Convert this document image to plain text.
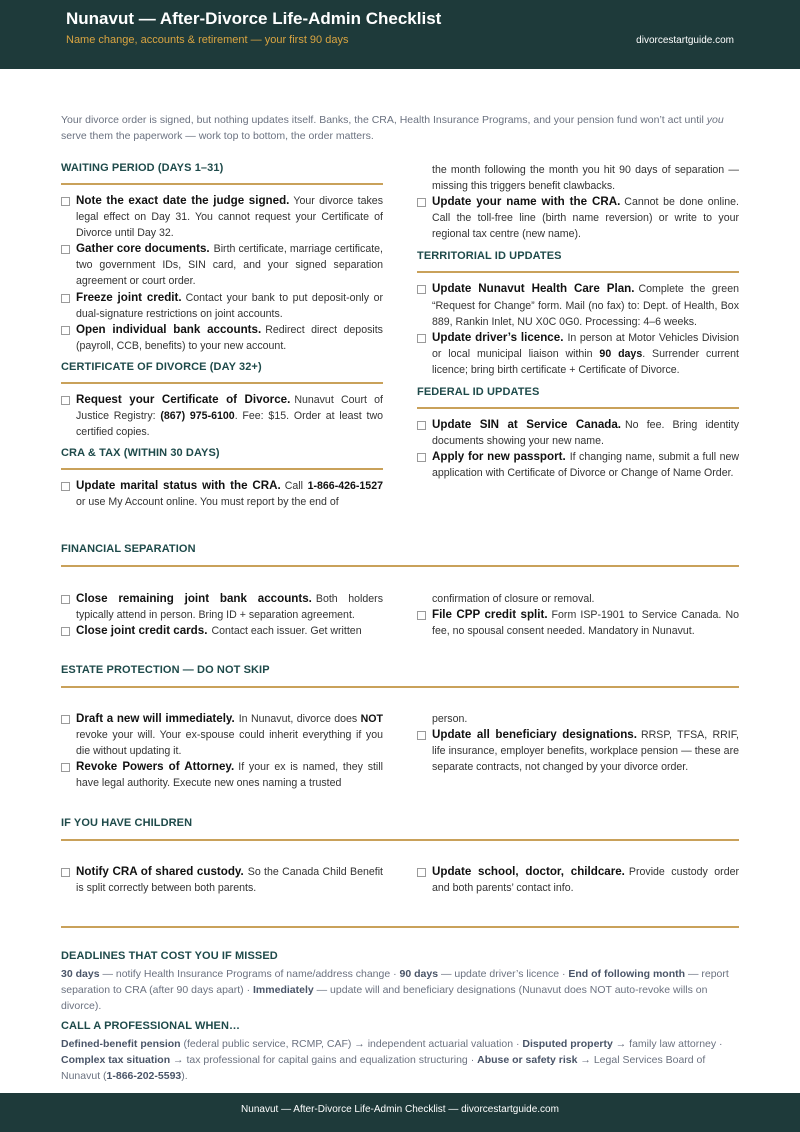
Nunavut — After-Divorce Life-Admin Checklist
Name change, accounts & retirement — your first 90 days	divorcestartguide.com
Your divorce order is signed, but nothing updates itself. Banks, the CRA, Health Insurance Programs, and your pension fund won’t act until you serve them the paperwork — work top to bottom, the order matters.
WAITING PERIOD (DAYS 1–31)
Note the exact date the judge signed. Your divorce takes legal effect on Day 31. You cannot request your Certificate of Divorce until Day 32.
Gather core documents. Birth certificate, marriage certificate, two government IDs, SIN card, and your signed separation agreement or court order.
Freeze joint credit. Contact your bank to put deposit-only or dual-signature restrictions on joint accounts.
Open individual bank accounts. Redirect direct deposits (payroll, CCB, benefits) to your new account.
CERTIFICATE OF DIVORCE (DAY 32+)
Request your Certificate of Divorce. Nunavut Court of Justice Registry: (867) 975-6100. Fee: $15. Order at least two certified copies.
CRA & TAX (WITHIN 30 DAYS)
Update marital status with the CRA. Call 1-866-426-1527 or use My Account online. You must report by the end of
the month following the month you hit 90 days of separation — missing this triggers benefit clawbacks.
Update your name with the CRA. Cannot be done online. Call the toll-free line (birth name reversion) or write to your regional tax centre (new name).
TERRITORIAL ID UPDATES
Update Nunavut Health Care Plan. Complete the green “Request for Change” form. Mail (no fax) to: Dept. of Health, Box 889, Rankin Inlet, NU X0C 0G0. Processing: 4–6 weeks.
Update driver’s licence. In person at Motor Vehicles Division or local municipal liaison within 90 days. Surrender current licence; bring birth certificate + Certificate of Divorce.
FEDERAL ID UPDATES
Update SIN at Service Canada. No fee. Bring identity documents showing your new name.
Apply for new passport. If changing name, submit a full new application with Certificate of Divorce or Change of Name Order.
FINANCIAL SEPARATION
Close remaining joint bank accounts. Both holders typically attend in person. Bring ID + separation agreement.
Close joint credit cards. Contact each issuer. Get written
confirmation of closure or removal.
File CPP credit split. Form ISP-1901 to Service Canada. No fee, no spousal consent needed. Mandatory in Nunavut.
ESTATE PROTECTION — DO NOT SKIP
Draft a new will immediately. In Nunavut, divorce does NOT revoke your will. Your ex-spouse could inherit everything if you die without updating it.
Revoke Powers of Attorney. If your ex is named, they still have legal authority. Execute new ones naming a trusted
person.
Update all beneficiary designations. RRSP, TFSA, RRIF, life insurance, employer benefits, workplace pension — these are separate contracts, not changed by your divorce order.
IF YOU HAVE CHILDREN
Notify CRA of shared custody. So the Canada Child Benefit is split correctly between both parents.
Update school, doctor, childcare. Provide custody order and both parents’ contact info.
DEADLINES THAT COST YOU IF MISSED
30 days — notify Health Insurance Programs of name/address change · 90 days — update driver’s licence · End of following month — report separation to CRA (after 90 days apart) · Immediately — update will and beneficiary designations (Nunavut does NOT auto-revoke wills on divorce).
CALL A PROFESSIONAL WHEN…
Defined-benefit pension (federal public service, RCMP, CAF) → independent actuarial valuation · Disputed property → family law attorney · Complex tax situation → tax professional for capital gains and equalization structuring · Abuse or safety risk → Legal Services Board of Nunavut (1-866-202-5593).
Nunavut — After-Divorce Life-Admin Checklist — divorcestartguide.com
